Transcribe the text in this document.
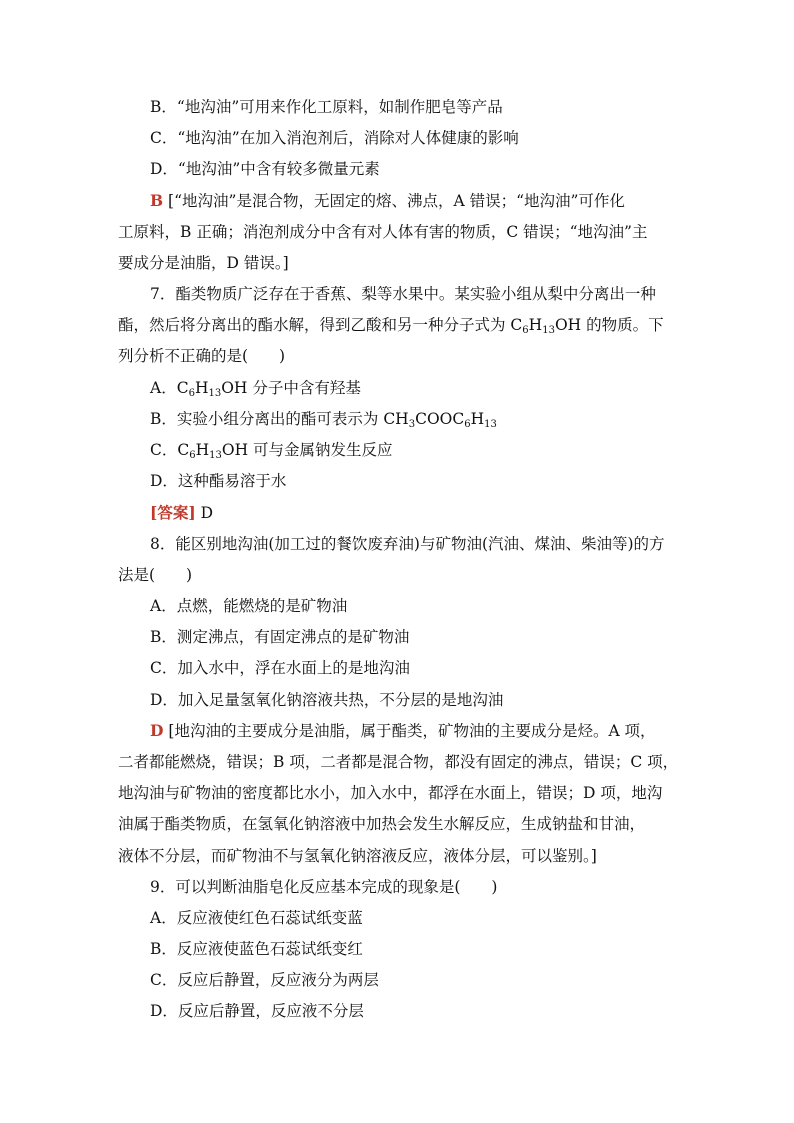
B．“地沟油”可用来作化工原料，如制作肥皂等产品
C．“地沟油”在加入消泡剂后，消除对人体健康的影响
D．“地沟油”中含有较多微量元素
B [“地沟油”是混合物，无固定的熔、沸点，A 错误；“地沟油”可作化
工原料，B 正确；消泡剂成分中含有对人体有害的物质，C 错误；“地沟油”主
要成分是油脂，D 错误。]
7．酯类物质广泛存在于香蕉、梨等水果中。某实验小组从梨中分离出一种
酯，然后将分离出的酯水解，得到乙酸和另一种分子式为 $C_6H_{13}OH$ 的物质。下
列分析不正确的是(　　)
A．$C_6H_{13}OH$ 分子中含有羟基
B．实验小组分离出的酯可表示为 $CH_3COOC_6H_{13}$
C．$C_6H_{13}OH$ 可与金属钠发生反应
D．这种酯易溶于水
[答案] D
8．能区别地沟油(加工过的餐饮废弃油)与矿物油(汽油、煤油、柴油等)的方
法是(　　)
A．点燃，能燃烧的是矿物油
B．测定沸点，有固定沸点的是矿物油
C．加入水中，浮在水面上的是地沟油
D．加入足量氢氧化钠溶液共热，不分层的是地沟油
D [地沟油的主要成分是油脂，属于酯类，矿物油的主要成分是烃。A 项，
二者都能燃烧，错误；B 项，二者都是混合物，都没有固定的沸点，错误；C 项，
地沟油与矿物油的密度都比水小，加入水中，都浮在水面上，错误；D 项，地沟
油属于酯类物质，在氢氧化钠溶液中加热会发生水解反应，生成钠盐和甘油，
液体不分层，而矿物油不与氢氧化钠溶液反应，液体分层，可以鉴别。]
9．可以判断油脂皂化反应基本完成的现象是(　　)
A．反应液使红色石蕊试纸变蓝
B．反应液使蓝色石蕊试纸变红
C．反应后静置，反应液分为两层
D．反应后静置，反应液不分层
